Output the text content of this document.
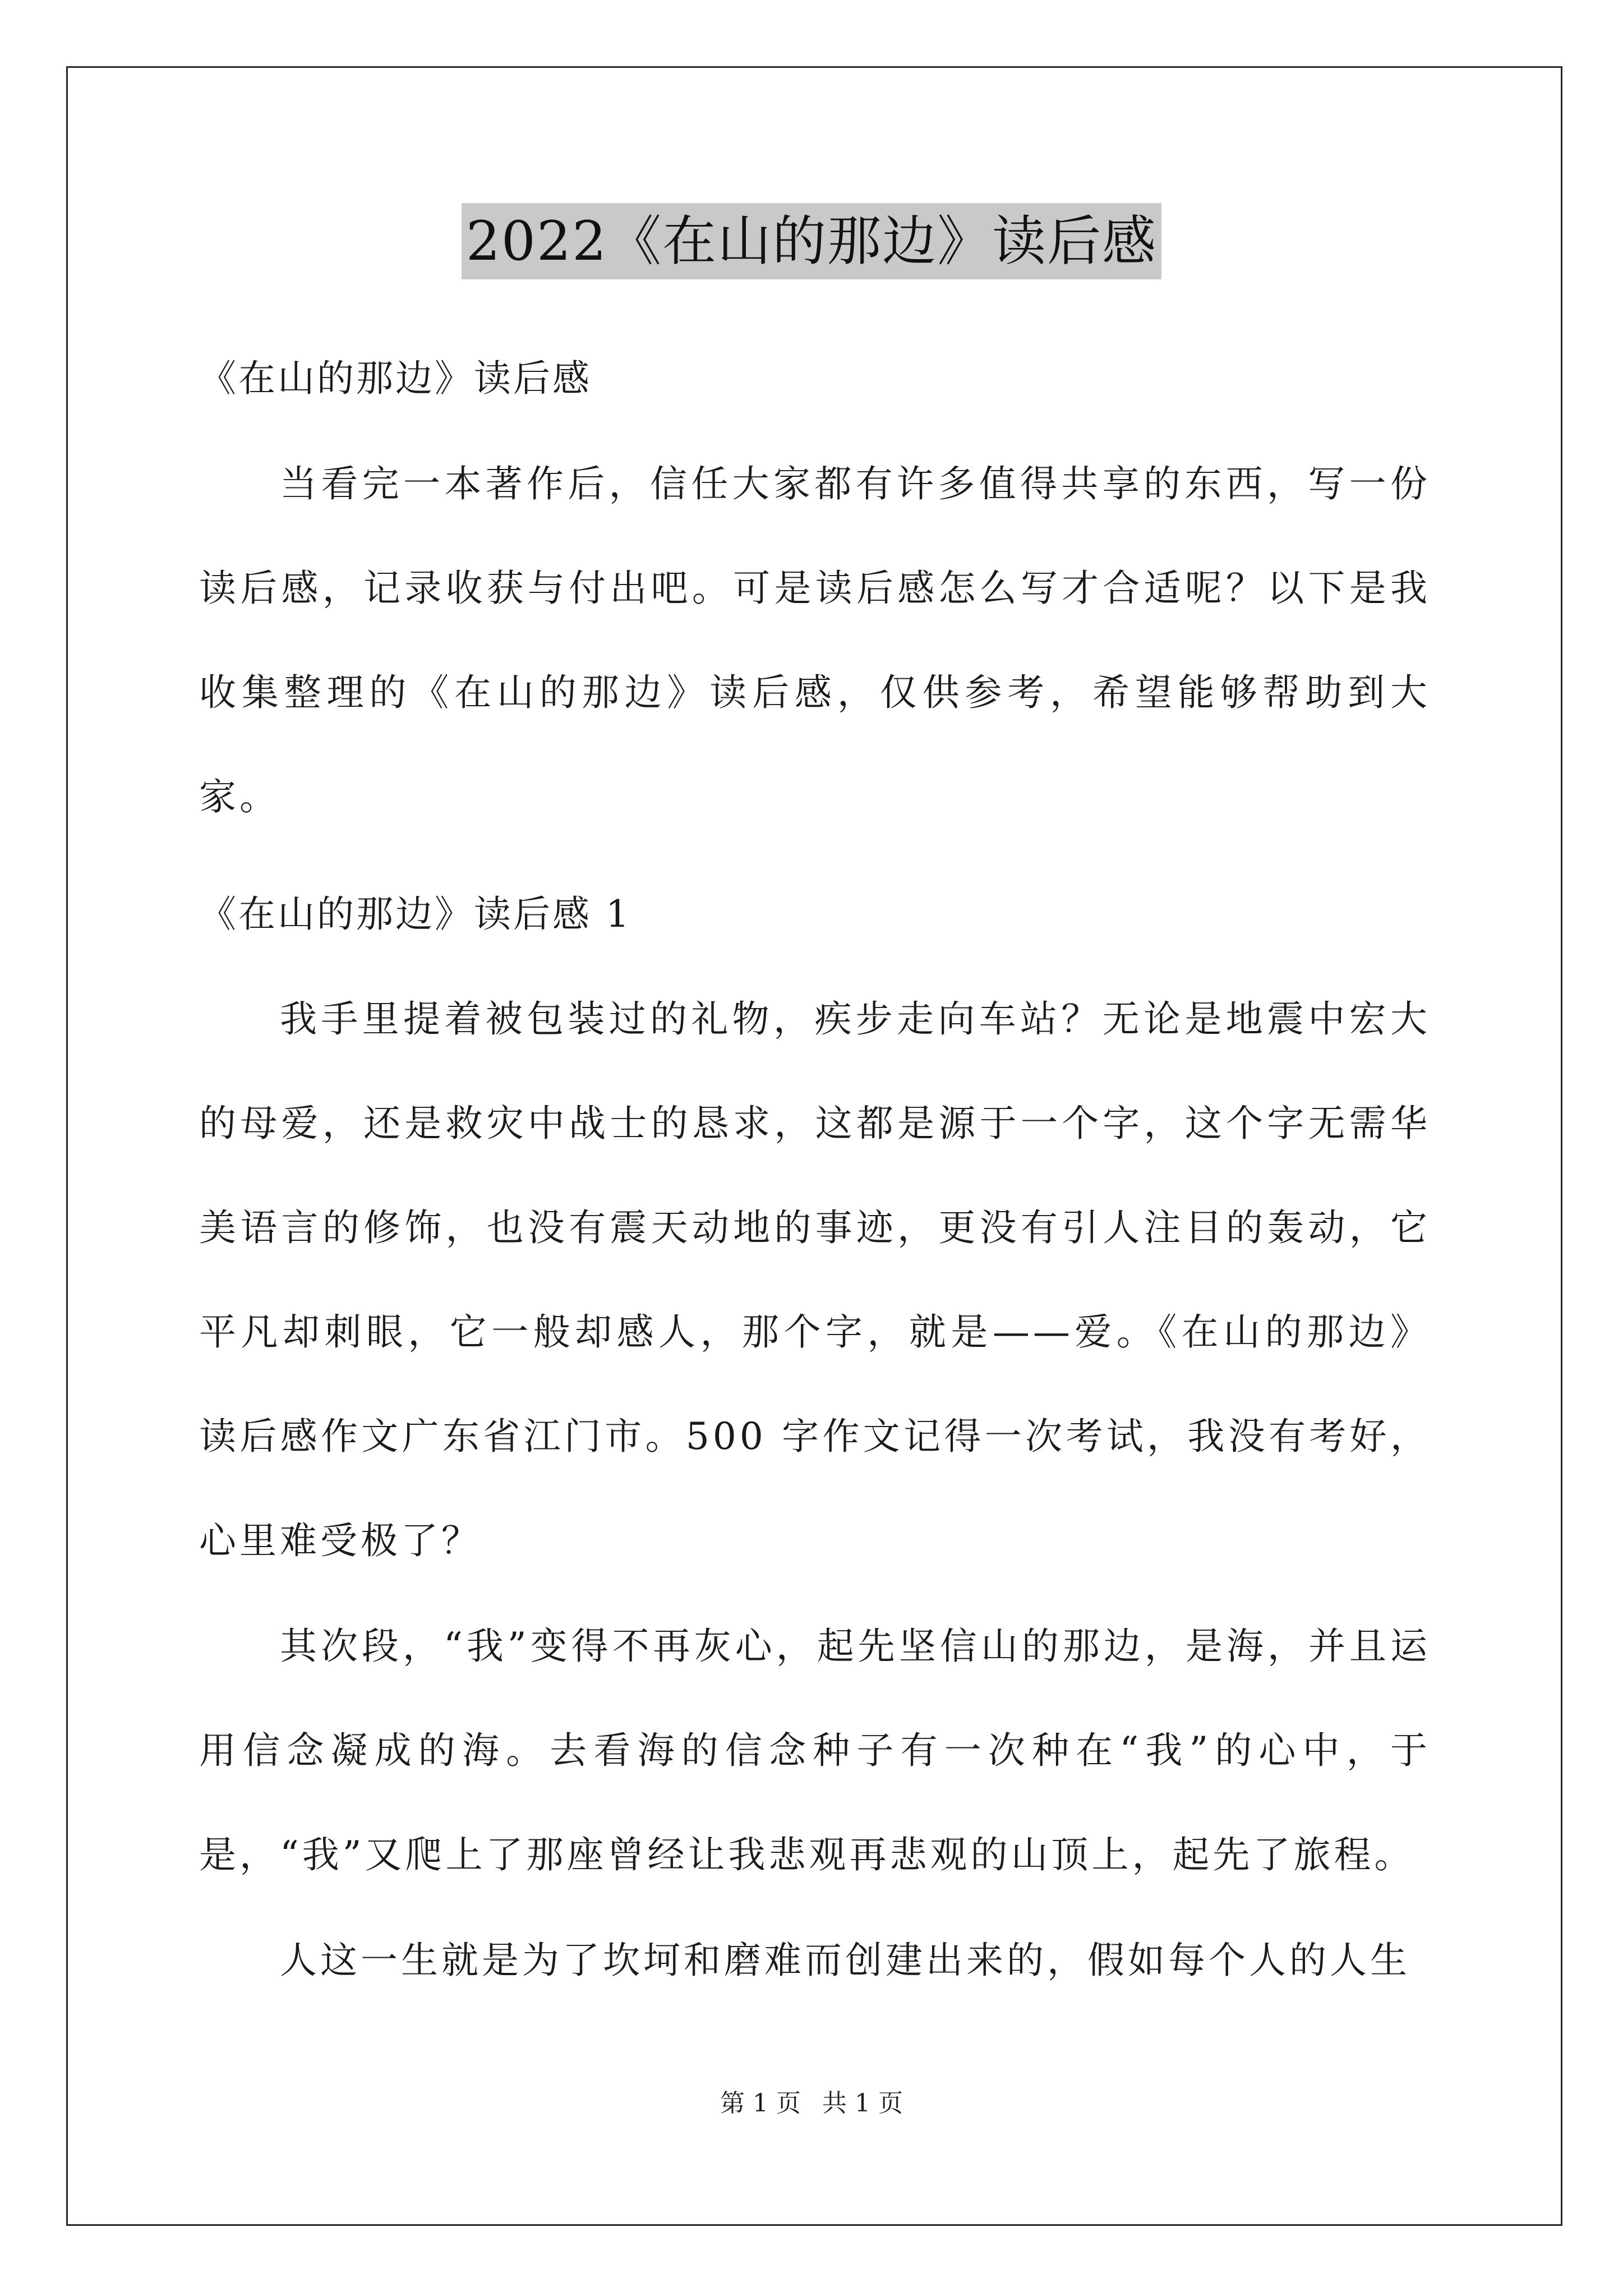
2022《在山的那边》读后感
《在山的那边》读后感
当看完一本著作后，信任大家都有许多值得共享的东西，写一份读后感，记录收获与付出吧。可是读后感怎么写才合适呢？以下是我收集整理的《在山的那边》读后感，仅供参考，希望能够帮助到大家。
《在山的那边》读后感 1
我手里提着被包装过的礼物，疾步走向车站？无论是地震中宏大的母爱，还是救灾中战士的恳求，这都是源于一个字，这个字无需华美语言的修饰，也没有震天动地的事迹，更没有引人注目的轰动，它平凡却刺眼，它一般却感人，那个字，就是——爱。《在山的那边》读后感作文广东省江门市。500 字作文记得一次考试，我没有考好，心里难受极了？
其次段，“我”变得不再灰心，起先坚信山的那边，是海，并且运用信念凝成的海。去看海的信念种子有一次种在“我”的心中，于是，“我”又爬上了那座曾经让我悲观再悲观的山顶上，起先了旅程。
人这一生就是为了坎坷和磨难而创建出来的，假如每个人的人生
第 1 页 共 1 页
